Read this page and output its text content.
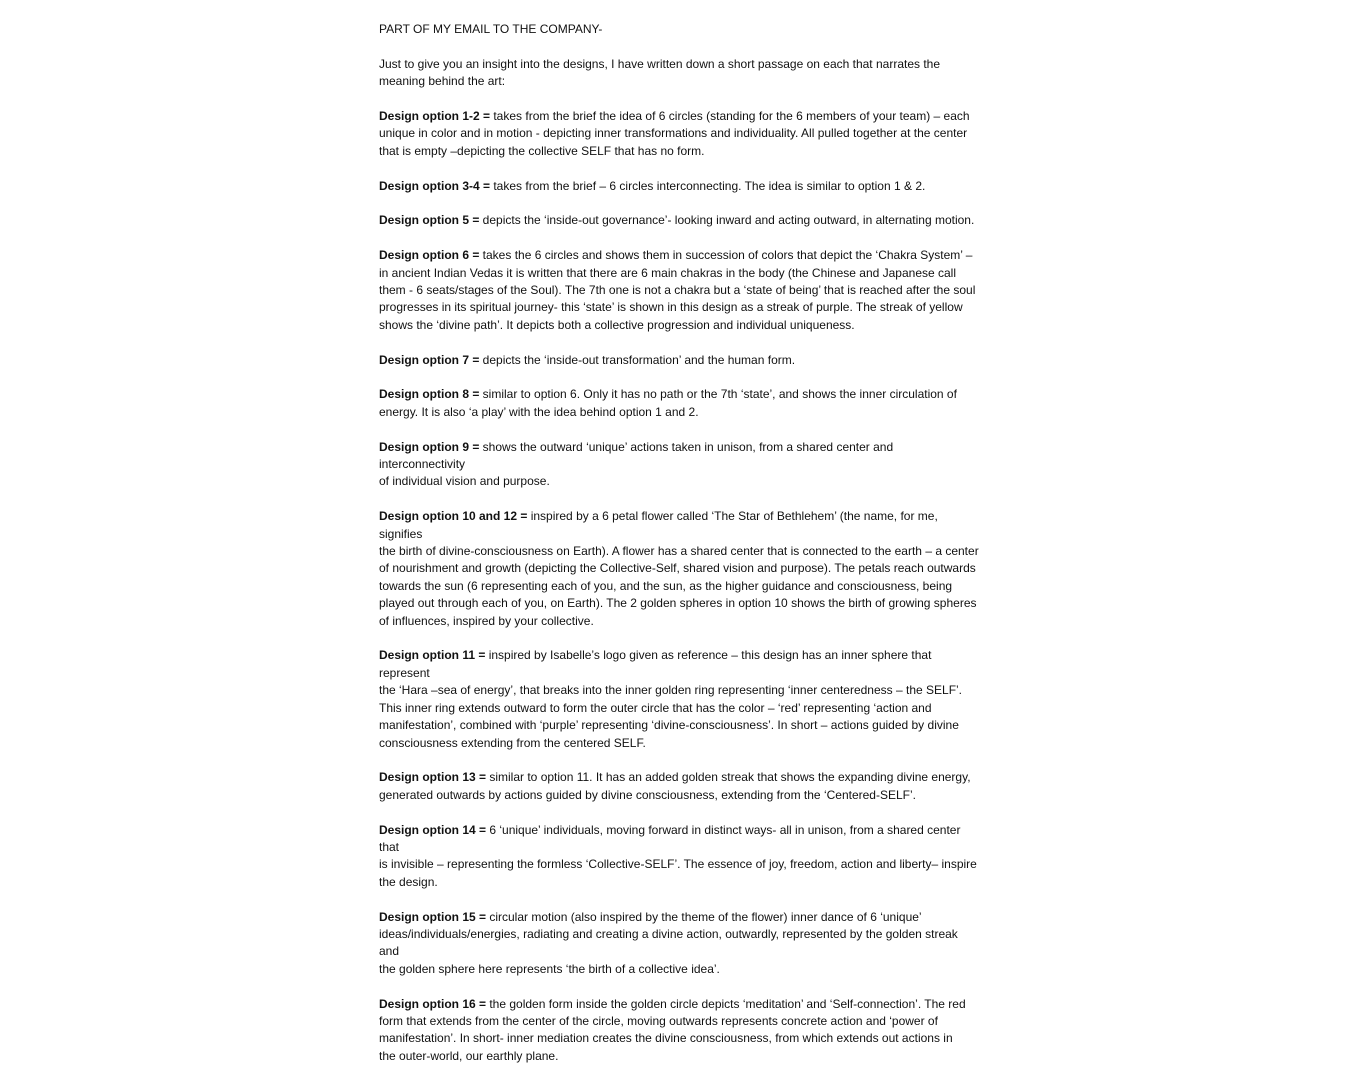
PART OF MY EMAIL TO THE COMPANY-

Just to give you an insight into the designs, I have written down a short passage on each that narrates the
meaning behind the art:

Design option 1-2 = takes from the brief the idea of 6 circles (standing for the 6 members of your team) – each
unique in color and in motion - depicting inner transformations and individuality. All pulled together at the center
that is empty –depicting the collective SELF that has no form.

Design option 3-4 = takes from the brief – 6 circles interconnecting. The idea is similar to option 1 & 2.

Design option 5 = depicts the ‘inside-out governance’- looking inward and acting outward, in alternating motion.

Design option 6 = takes the 6 circles and shows them in succession of colors that depict the ‘Chakra System’ –
in ancient Indian Vedas it is written that there are 6 main chakras in the body (the Chinese and Japanese call
them - 6 seats/stages of the Soul). The 7th one is not a chakra but a ‘state of being’ that is reached after the soul
progresses in its spiritual journey- this ‘state’ is shown in this design as a streak of purple. The streak of yellow
shows the ‘divine path’. It depicts both a collective progression and individual uniqueness.

Design option 7 = depicts the ‘inside-out transformation’ and the human form.

Design option 8 = similar to option 6. Only it has no path or the 7th ‘state’, and shows the inner circulation of
energy. It is also ‘a play’ with the idea behind option 1 and 2.

Design option 9 = shows the outward ‘unique’ actions taken in unison, from a shared center and interconnectivity
of individual vision and purpose.

Design option 10 and 12 = inspired by a 6 petal flower called ‘The Star of Bethlehem’ (the name, for me, signifies
the birth of divine-consciousness on Earth). A flower has a shared center that is connected to the earth – a center
of nourishment and growth (depicting the Collective-Self, shared vision and purpose). The petals reach outwards
towards the sun (6 representing each of you, and the sun, as the higher guidance and consciousness, being
played out through each of you, on Earth). The 2 golden spheres in option 10 shows the birth of growing spheres
of influences, inspired by your collective.

Design option 11 = inspired by Isabelle’s logo given as reference – this design has an inner sphere that represent
the ‘Hara –sea of energy’, that breaks into the inner golden ring representing ‘inner centeredness – the SELF’.
This inner ring extends outward to form the outer circle that has the color – ‘red’ representing ‘action and
manifestation’, combined with ‘purple’ representing ‘divine-consciousness’. In short – actions guided by divine
consciousness extending from the centered SELF.

Design option 13 = similar to option 11. It has an added golden streak that shows the expanding divine energy,
generated outwards by actions guided by divine consciousness, extending from the ‘Centered-SELF’.

Design option 14 = 6 ‘unique’ individuals, moving forward in distinct ways- all in unison, from a shared center that
is invisible – representing the formless ‘Collective-SELF’. The essence of joy, freedom, action and liberty– inspire
the design.

Design option 15 = circular motion (also inspired by the theme of the flower) inner dance of 6 ‘unique’
ideas/individuals/energies, radiating and creating a divine action, outwardly, represented by the golden streak and
the golden sphere here represents ‘the birth of a collective idea’.

Design option 16 = the golden form inside the golden circle depicts ‘meditation’ and ‘Self-connection’. The red
form that extends from the center of the circle, moving outwards represents concrete action and ‘power of
manifestation’. In short- inner mediation creates the divine consciousness, from which extends out actions in
the outer-world, our earthly plane.
